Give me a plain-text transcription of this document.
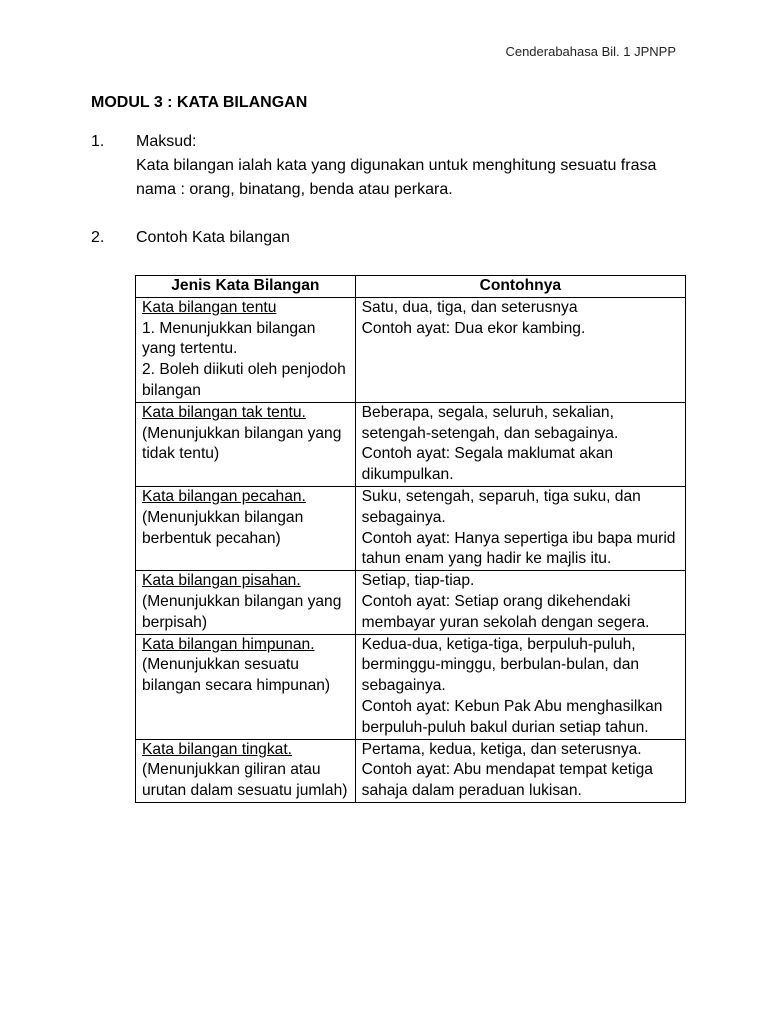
Cenderabahasa Bil. 1 JPNPP
MODUL 3 : KATA BILANGAN
1. Maksud:
Kata bilangan ialah kata yang digunakan untuk menghitung sesuatu frasa nama : orang, binatang, benda atau perkara.
2. Contoh Kata bilangan
Jenis Kata Bilangan	Contohnya

Kata bilangan tentu
1. Menunjukkan bilangan yang tertentu.
2. Boleh diikuti oleh penjodoh bilangan	Satu, dua, tiga, dan seterusnya
Contoh ayat: Dua ekor kambing.

Kata bilangan tak tentu.
(Menunjukkan bilangan yang tidak tentu)	Beberapa, segala, seluruh, sekalian, setengah-setengah, dan sebagainya.
Contoh ayat: Segala maklumat akan dikumpulkan.

Kata bilangan pecahan.
(Menunjukkan bilangan berbentuk pecahan)	Suku, setengah, separuh, tiga suku, dan sebagainya.
Contoh ayat: Hanya sepertiga ibu bapa murid tahun enam yang hadir ke majlis itu.

Kata bilangan pisahan.
(Menunjukkan bilangan yang berpisah)	Setiap, tiap-tiap.
Contoh ayat: Setiap orang dikehendaki membayar yuran sekolah dengan segera.

Kata bilangan himpunan.
(Menunjukkan sesuatu bilangan secara himpunan)	Kedua-dua, ketiga-tiga, berpuluh-puluh, berminggu-minggu, berbulan-bulan, dan sebagainya.
Contoh ayat: Kebun Pak Abu menghasilkan berpuluh-puluh bakul durian setiap tahun.

Kata bilangan tingkat.
(Menunjukkan giliran atau urutan dalam sesuatu jumlah)	Pertama, kedua, ketiga, dan seterusnya.
Contoh ayat: Abu mendapat tempat ketiga sahaja dalam peraduan lukisan.
